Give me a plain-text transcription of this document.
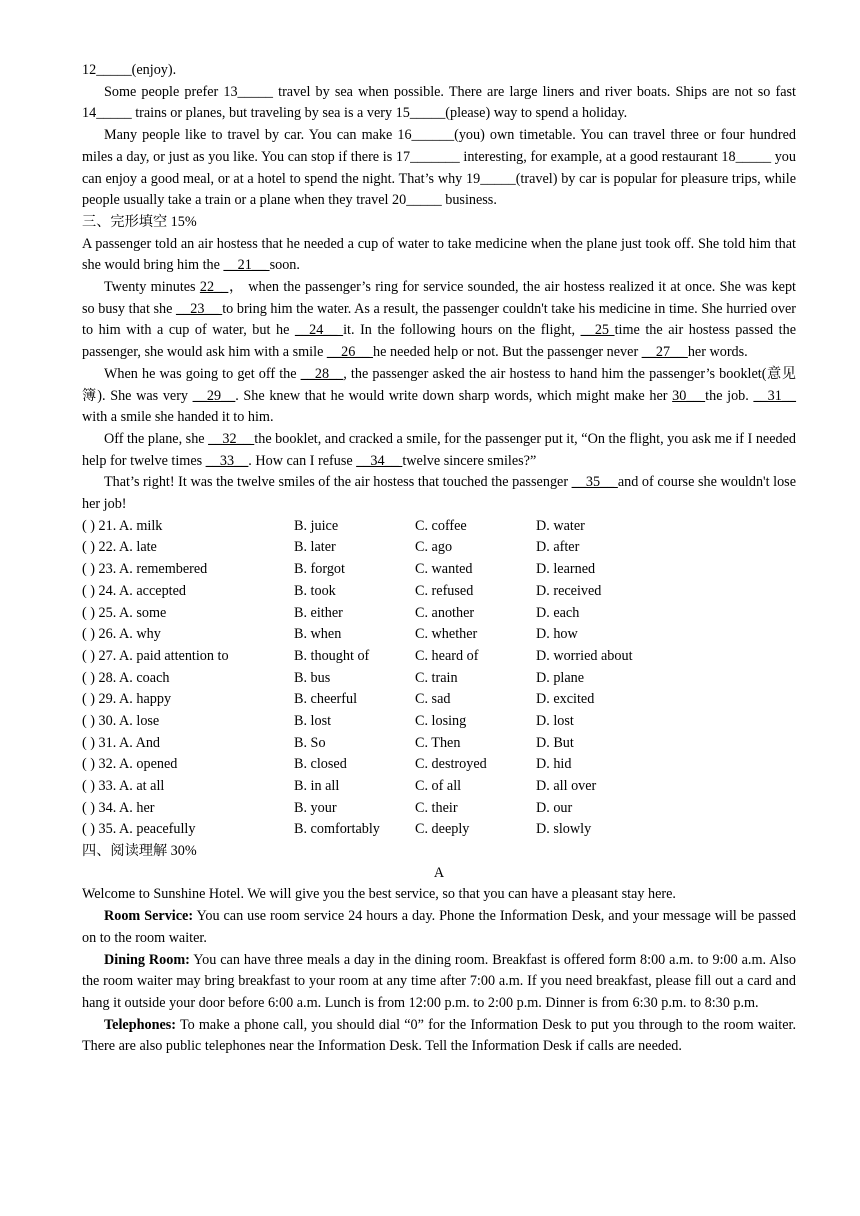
12_____(enjoy).

Some people prefer 13_____ travel by sea when possible. There are large liners and river boats. Ships are not so fast 14_____ trains or planes, but traveling by sea is a very 15_____(please) way to spend a holiday.

Many people like to travel by car. You can make 16______(you) own timetable. You can travel three or four hundred miles a day, or just as you like. You can stop if there is 17_______ interesting, for example, at a good restaurant 18_____ you can enjoy a good meal, or at a hotel to spend the night. That’s why 19_____(travel) by car is popular for pleasure trips, while people usually take a train or a plane when they travel 20_____ business.

三、完形填空 15%

A passenger told an air hostess that he needed a cup of water to take medicine when the plane just took off. She told him that she would bring him the __21__ soon.

Twenty minutes 22__， when the passenger’s ring for service sounded, the air hostess realized it at once. She was kept so busy that she __23__ to bring him the water. As a result, the passenger couldn't take his medicine in time. She hurried over to him with a cup of water, but he __24__ it. In the following hours on the flight, __25 time the air hostess passed the passenger, she would ask him with a smile __26__ he needed help or not. But the passenger never __27__ her words.

When he was going to get off the __28__, the passenger asked the air hostess to hand him the passenger’s booklet(意见簿). She was very __29__. She knew that he would write down sharp words, which might make her 30__ the job. __31__ with a smile she handed it to him.

Off the plane, she __32__ the booklet, and cracked a smile, for the passenger put it, “On the flight, you ask me if I needed help for twelve times __33__. How can I refuse __34__ twelve sincere smiles?”

That’s right! It was the twelve smiles of the air hostess that touched the passenger __35__ and of course she wouldn't lose her job!

( ) 21. A. milk	B. juice	C. coffee	D. water
( ) 22. A. late	B. later	C. ago	D. after
( ) 23. A. remembered	B. forgot	C. wanted	D. learned
( ) 24. A. accepted	B. took	C. refused	D. received
( ) 25. A. some	B. either	C. another	D. each
( ) 26. A. why	B. when	C. whether	D. how
( ) 27. A. paid attention to	B. thought of	C. heard of	D. worried about
( ) 28. A. coach	B. bus	C. train	D. plane
( ) 29. A. happy	B. cheerful	C. sad	D. excited
( ) 30. A. lose	B. lost	C. losing	D. lost
( ) 31. A. And	B. So	C. Then	D. But
( ) 32. A. opened	B. closed	C. destroyed	D. hid
( ) 33. A. at all	B. in all	C. of all	D. all over
( ) 34. A. her	B. your	C. their	D. our
( ) 35. A. peacefully	B. comfortably	C. deeply	D. slowly

四、阅读理解 30%

A

Welcome to Sunshine Hotel. We will give you the best service, so that you can have a pleasant stay here.

Room Service: You can use room service 24 hours a day. Phone the Information Desk, and your message will be passed on to the room waiter.

Dining Room: You can have three meals a day in the dining room. Breakfast is offered form 8:00 a.m. to 9:00 a.m. Also the room waiter may bring breakfast to your room at any time after 7:00 a.m. If you need breakfast, please fill out a card and hang it outside your door before 6:00 a.m. Lunch is from 12:00 p.m. to 2:00 p.m. Dinner is from 6:30 p.m. to 8:30 p.m.

Telephones: To make a phone call, you should dial “0” for the Information Desk to put you through to the room waiter. There are also public telephones near the Information Desk. Tell the Information Desk if calls are needed.
